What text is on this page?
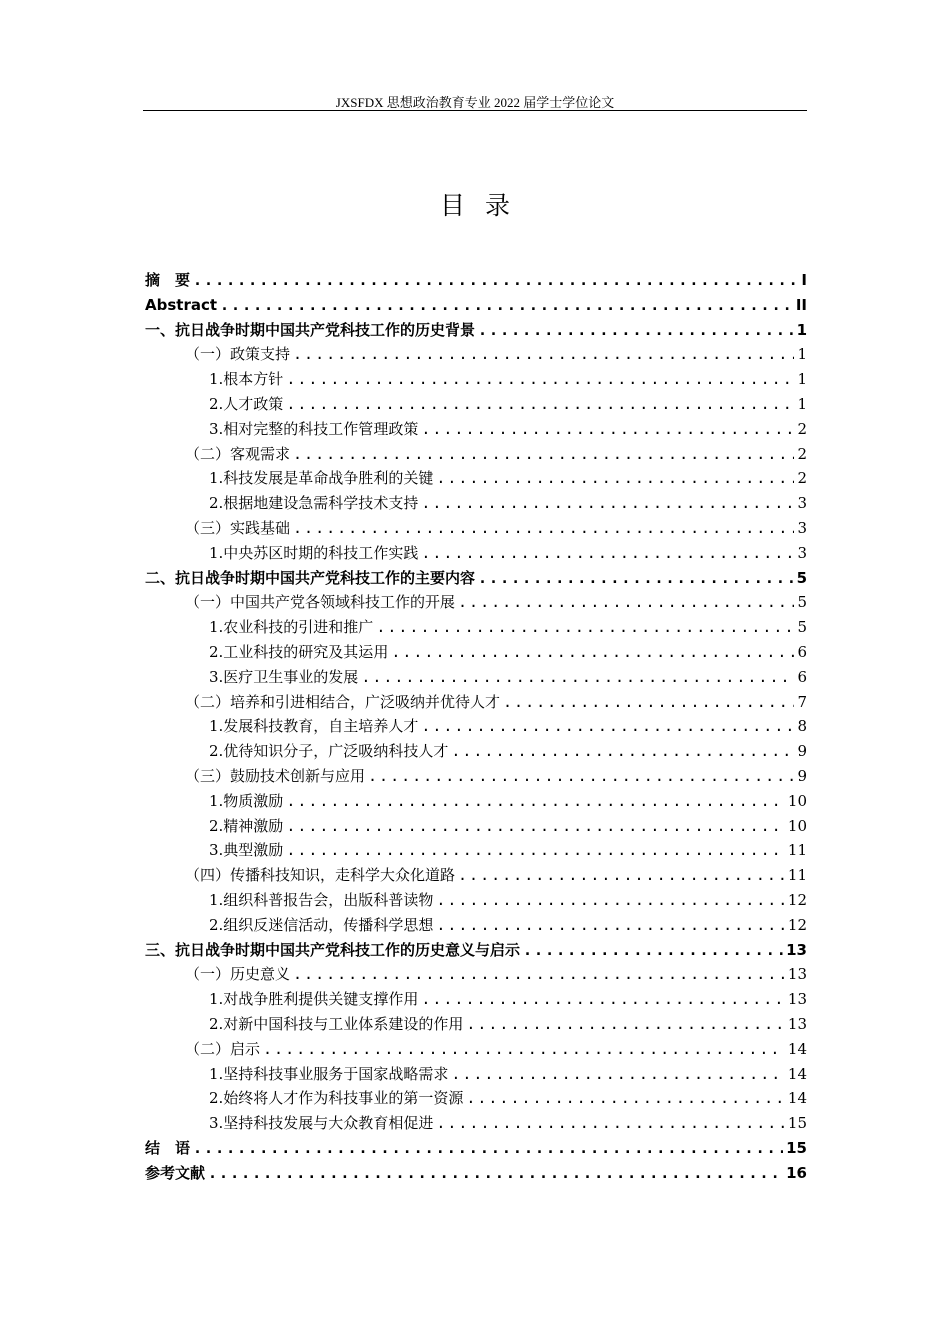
JXSFDX 思想政治教育专业 2022 届学士学位论文
目录
摘　要 .....	I
Abstract .....	II
一、抗日战争时期中国共产党科技工作的历史背景 .....	1
（一）政策支持 .....	1
1.根本方针 .....	1
2.人才政策 .....	1
3.相对完整的科技工作管理政策 .....	2
（二）客观需求 .....	2
1.科技发展是革命战争胜利的关键 .....	2
2.根据地建设急需科学技术支持 .....	3
（三）实践基础 .....	3
1.中央苏区时期的科技工作实践 .....	3
二、抗日战争时期中国共产党科技工作的主要内容 .....	5
（一）中国共产党各领域科技工作的开展 .....	5
1.农业科技的引进和推广 .....	5
2.工业科技的研究及其运用 .....	6
3.医疗卫生事业的发展 .....	6
（二）培养和引进相结合，广泛吸纳并优待人才 .....	7
1.发展科技教育，自主培养人才 .....	8
2.优待知识分子，广泛吸纳科技人才 .....	9
（三）鼓励技术创新与应用 .....	9
1.物质激励 .....	10
2.精神激励 .....	10
3.典型激励 .....	11
（四）传播科技知识，走科学大众化道路 .....	11
1.组织科普报告会，出版科普读物 .....	12
2.组织反迷信活动，传播科学思想 .....	12
三、抗日战争时期中国共产党科技工作的历史意义与启示 .....	13
（一）历史意义 .....	13
1.对战争胜利提供关键支撑作用 .....	13
2.对新中国科技与工业体系建设的作用 .....	13
（二）启示 .....	14
1.坚持科技事业服务于国家战略需求 .....	14
2.始终将人才作为科技事业的第一资源 .....	14
3.坚持科技发展与大众教育相促进 .....	15
结　语 .....	15
参考文献 .....	16
